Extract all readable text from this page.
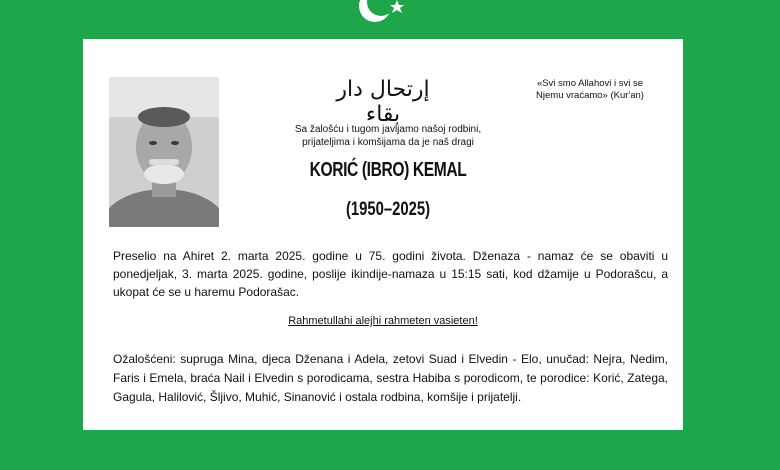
إرتحال دار بقاء
«Svi smo Allahovi i svi se
Njemu vraćamo» (Kur'an)
Sa žalošću i tugom javljamo našoj rodbini,
prijateljima i komšijama da je naš dragi
KORIĆ (IBRO) KEMAL
(1950–2025)
Preselio na Ahiret 2. marta 2025. godine u 75. godini života. Dženaza - namaz će se obaviti u ponedjeljak, 3. marta 2025. godine, poslije ikindije-namaza u 15:15 sati, kod džamije u Podorašcu, a ukopat će se u haremu Podorašac.
Rahmetullahi alejhi rahmeten vasieten!
Ožalošćeni: supruga Mina, djeca Dženana i Adela, zetovi Suad i Elvedin - Elo, unučad: Nejra, Nedim, Faris i Emela, braća Nail i Elvedin s porodicama, sestra Habiba s porodicom, te porodice: Korić, Zatega, Gagula, Halilović, Šljivo, Muhić, Sinanović i ostala rodbina, komšije i prijatelji.
